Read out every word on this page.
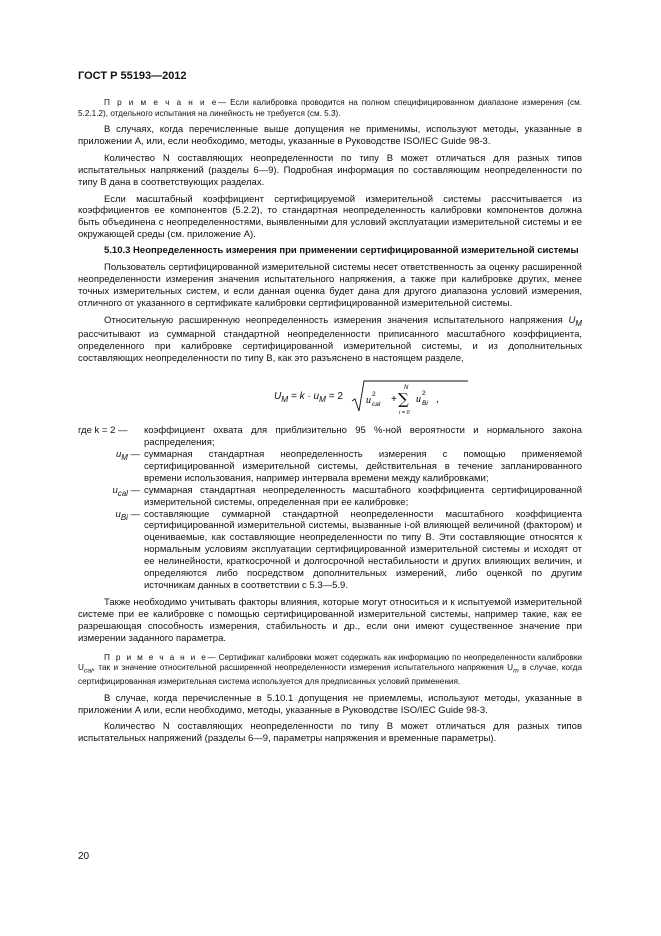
ГОСТ Р 55193—2012

П р и м е ч а н и е— Если калибровка проводится на полном специфицированном диапазоне измерения (см. 5.2.1.2), отдельного испытания на линейность не требуется (см. 5.3).

В случаях, когда перечисленные выше допущения не применимы, используют методы, указанные в приложении А, или, если необходимо, методы, указанные в Руководстве ISO/IEC Guide 98-3.

Количество N составляющих неопределенности по типу В может отличаться для разных типов испытательных напряжений (разделы 6—9). Подробная информация по составляющим неопределенности по типу В дана в соответствующих разделах.

Если масштабный коэффициент сертифицируемой измерительной системы рассчитывается из коэффициентов ее компонентов (5.2.2), то стандартная неопределенность калибровки компонентов должна быть объединена с неопределенностями, выявленными для условий эксплуатации измерительной системы и ее окружающей среды (см. приложение А).

5.10.3 Неопределенность измерения при применении сертифицированной измерительной системы

Пользователь сертифицированной измерительной системы несет ответственность за оценку расширенной неопределенности измерения значения испытательного напряжения, а также при калибровке других, менее точных измерительных систем, и если данная оценка будет дана для другого диапазона условий измерения, отличного от указанного в сертификате калибровки сертифицированной измерительной системы.

Относительную расширенную неопределенность измерения значения испытательного напряжения $U_M$ рассчитывают из суммарной стандартной неопределенности приписанного масштабного коэффициента, определенного при калибровке сертифицированной измерительной системы, и из дополнительных составляющих неопределенности по типу В, как это разъяснено в настоящем разделе,

$U_M = k \cdot u_M = 2$ u cal
2 +
N
∑
i = 0
u Bi
2
,
где k = 2 —	коэффициент охвата для приблизительно 95 %-ной вероятности и нормального закона распределения;
$u_M$ — суммарная стандартная неопределенность измерения с помощью применяемой сертифицированной измерительной системы, действительная в течение запланированного времени использования, например интервала времени между калибровками;
$u_{cal}$ — суммарная стандартная неопределенность масштабного коэффициента сертифицированной измерительной системы, определенная при ее калибровке;
$u_{Bi}$ — составляющие суммарной стандартной неопределенности масштабного коэффициента сертифицированной измерительной системы, вызванные i-ой влияющей величиной (фактором) и оцениваемые, как составляющие неопределенности по типу В. Эти составляющие относятся к нормальным условиям эксплуатации сертифицированной измерительной системы и исходят от ее нелинейности, краткосрочной и долгосрочной нестабильности и других влияющих величин, и определяются либо посредством дополнительных измерений, либо оценкой по другим источникам данных в соответствии с 5.3—5.9.

Также необходимо учитывать факторы влияния, которые могут относиться и к испытуемой измерительной системе при ее калибровке с помощью сертифицированной измерительной системы, например такие, как ее разрешающая способность измерения, стабильность и др., если они имеют существенное значение при измерении заданного параметра.

П р и м е ч а н и е— Сертификат калибровки может содержать как информацию по неопределенности калибровки $U_{cal}$, так и значение относительной расширенной неопределенности измерения испытательного напряжения $U_m$ в случае, когда сертифицированная измерительная система используется для предписанных условий применения.

В случае, когда перечисленные в 5.10.1 допущения не приемлемы, используют методы, указанные в приложении А или, если необходимо, методы, указанные в Руководстве ISO/IEC Guide 98-3.

Количество N составляющих неопределенности по типу В может отличаться для разных типов испытательных напряжений (разделы 6—9, параметры напряжения и временные параметры).

20
